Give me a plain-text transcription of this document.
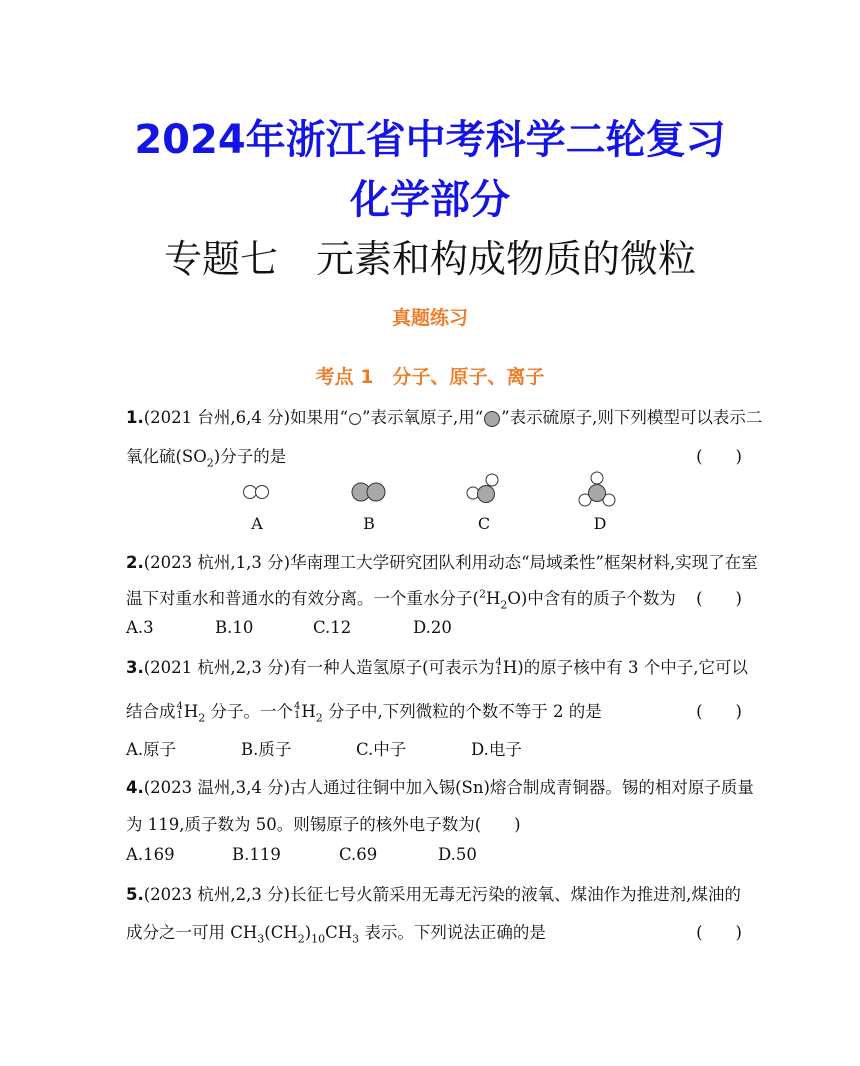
2024年浙江省中考科学二轮复习
化学部分
专题七　元素和构成物质的微粒
真题练习
考点 1　分子、原子、离子
1.(2021 台州,6,4 分)如果用“ ”表示氧原子,用“ ”表示硫原子,则下列模型可以表示二
氧化硫$(SO_2)$分子的是	(　　)
A	B	C	D
2.(2023 杭州,1,3 分)华南理工大学研究团队利用动态“局域柔性”框架材料,实现了在室
温下对重水和普通水的有效分离。一个重水分子$(^2H_2O)$中含有的质子个数为	(　　)
A.3	B.10	C.12	D.20
3.(2021 杭州,2,3 分)有一种人造氢原子(可表示为 4
1 H)的原子核中有 3 个中子,它可以
结合成 4
1 $H_2$ 分子。一个 4
1 $H_2$ 分子中,下列微粒的个数不等于 2 的是	(　　)
A.原子	B.质子	C.中子	D.电子
4.(2023 温州,3,4 分)古人通过往铜中加入锡(Sn)熔合制成青铜器。锡的相对原子质量
为 119,质子数为 50。则锡原子的核外电子数为(　　)
A.169	B.119	C.69	D.50
5.(2023 杭州,2,3 分)长征七号火箭采用无毒无污染的液氧、煤油作为推进剂,煤油的
成分之一可用 $CH_3(CH_2)_{10}CH_3$ 表示。下列说法正确的是	(　　)
